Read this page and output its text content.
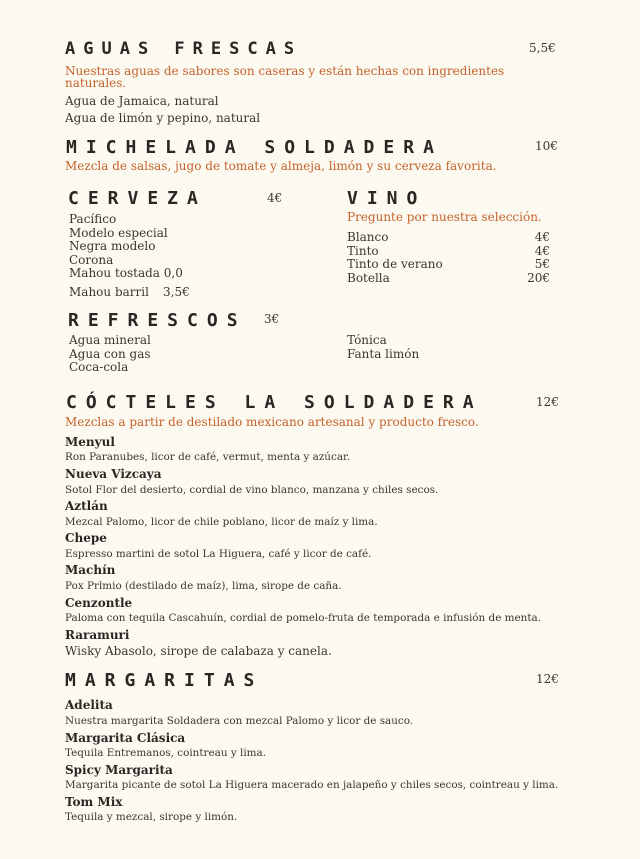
AGUAS FRESCAS	5,5€
Nuestras aguas de sabores son caseras y están hechas con ingredientes
naturales.
Agua de Jamaica, natural
Agua de limón y pepino, natural
MICHELADA SOLDADERA	10€
Mezcla de salsas, jugo de tomate y almeja, limón y su cerveza favorita.
CERVEZA	4€
Pacífico
Modelo especial
Negra modelo
Corona
Mahou tostada 0,0
Mahou barril 3,5€
VINO
Pregunte por nuestra selección.
Blanco	4€
Tinto	4€
Tinto de verano	5€
Botella	20€
REFRESCOS 3€
Agua mineral
Agua con gas
Coca-cola
Tónica
Fanta limón
CÓCTELES LA SOLDADERA	12€
Mezclas a partir de destilado mexicano artesanal y producto fresco.
Menyul
Ron Paranubes, licor de café, vermut, menta y azúcar.
Nueva Vizcaya
Sotol Flor del desierto, cordial de vino blanco, manzana y chiles secos.
Aztlán
Mezcal Palomo, licor de chile poblano, licor de maíz y lima.
Chepe
Espresso martini de sotol La Higuera, café y licor de café.
Machín
Pox Prlmio (destilado de maíz), lima, sirope de caña.
Cenzontle
Paloma con tequila Cascahuín, cordial de pomelo-fruta de temporada e infusión de menta.
Raramuri
Wisky Abasolo, sirope de calabaza y canela.
MARGARITAS	12€
Adelita
Nuestra margarita Soldadera con mezcal Palomo y licor de sauco.
Margarita Clásica
Tequila Entremanos, cointreau y lima.
Spicy Margarita
Margarita picante de sotol La Higuera macerado en jalapeño y chiles secos, cointreau y lima.
Tom Mix
Tequila y mezcal, sirope y limón.
